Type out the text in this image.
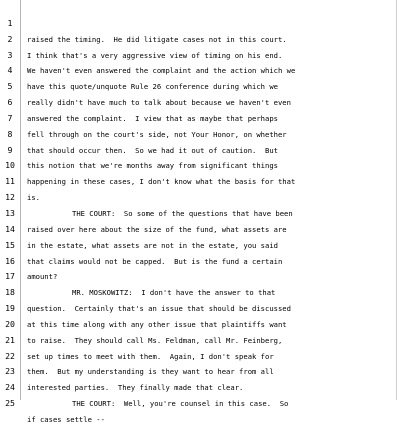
1

raised the timing.  He did litigate cases not in this court.

2

I think that's a very aggressive view of timing on his end.

3

We haven't even answered the complaint and the action which we

4

have this quote/unquote Rule 26 conference during which we

5

really didn't have much to talk about because we haven't even

6

answered the complaint.  I view that as maybe that perhaps

7

fell through on the court's side, not Your Honor, on whether

8

that should occur then.  So we had it out of caution.  But

9

this notion that we're months away from significant things

10

happening in these cases, I don't know what the basis for that

11

is.

12

THE COURT:  So some of the questions that have been

13

raised over here about the size of the fund, what assets are

14

in the estate, what assets are not in the estate, you said

15

that claims would not be capped.  But is the fund a certain

16

amount?

17

MR. MOSKOWITZ:  I don't have the answer to that

18

question.  Certainly that's an issue that should be discussed

19

at this time along with any other issue that plaintiffs want

20

to raise.  They should call Ms. Feldman, call Mr. Feinberg,

21

set up times to meet with them.  Again, I don't speak for

22

them.  But my understanding is they want to hear from all

23

interested parties.  They finally made that clear.

24

THE COURT:  Well, you're counsel in this case.  So

25

if cases settle --
